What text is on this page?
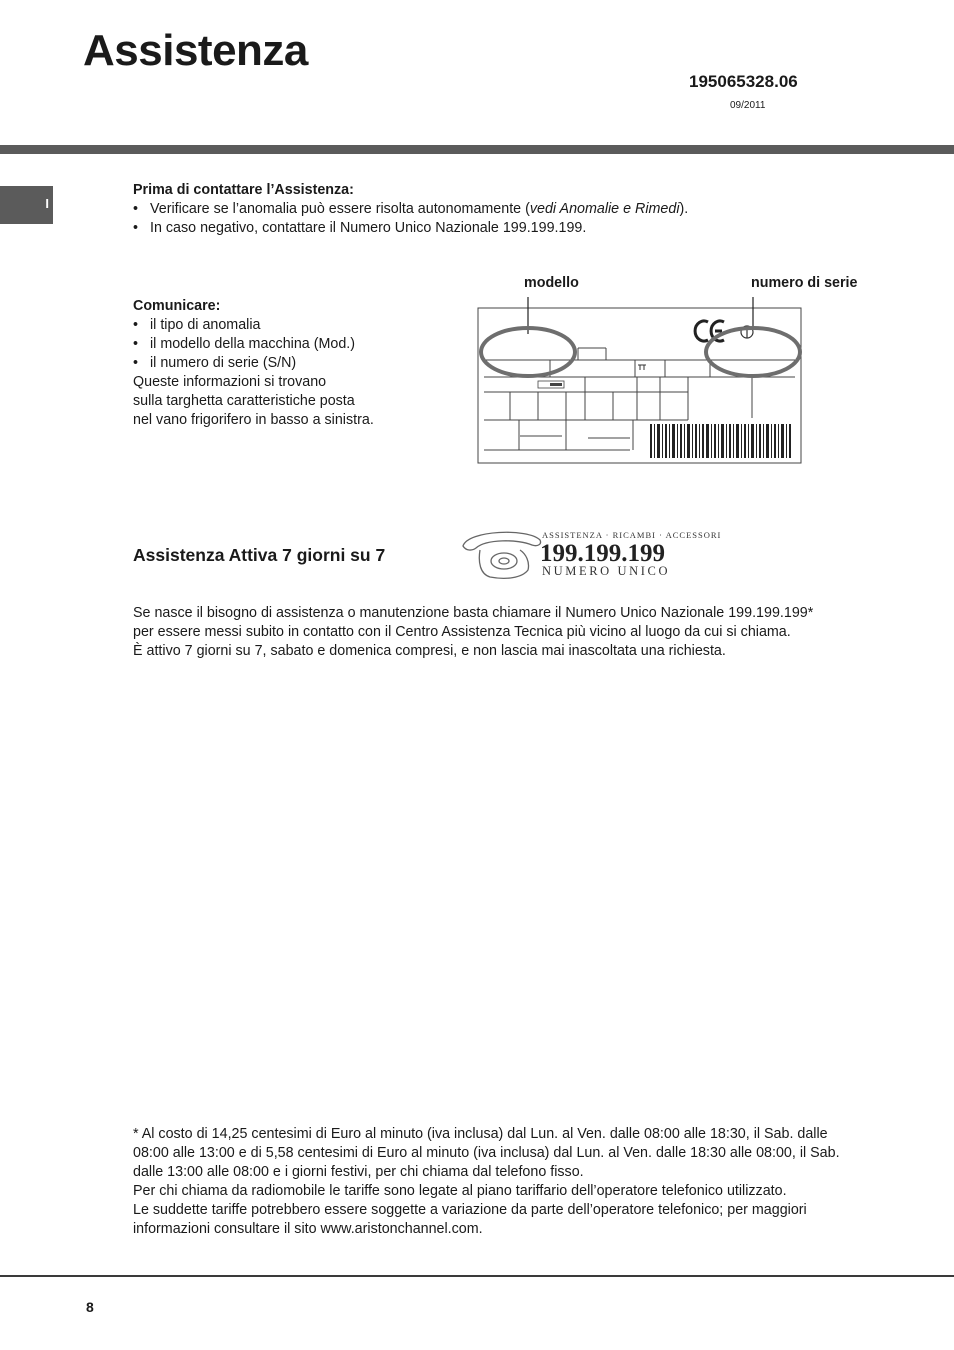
Assistenza
195065328.06
09/2011
I
Prima di contattare l’Assistenza:
• Verificare se l’anomalia può essere risolta autonomamente (vedi Anomalie e Rimedi).
• In caso negativo, contattare il Numero Unico Nazionale 199.199.199.
Comunicare:
• il tipo di anomalia
• il modello della macchina (Mod.)
• il numero di serie (S/N)
Queste informazioni si trovano
sulla targhetta caratteristiche posta
nel vano frigorifero in basso a sinistra.
modello	numero di serie
Assistenza Attiva 7 giorni su 7
ASSISTENZA · RICAMBI · ACCESSORI
199.199.199
NUMERO UNICO
Se nasce il bisogno di assistenza o manutenzione basta chiamare il Numero Unico Nazionale 199.199.199*
per essere messi subito in contatto con il Centro Assistenza Tecnica più vicino al luogo da cui si chiama.
È attivo 7 giorni su 7, sabato e domenica compresi, e non lascia mai inascoltata una richiesta.
* Al costo di 14,25 centesimi di Euro al minuto (iva inclusa) dal Lun. al Ven. dalle 08:00 alle 18:30, il Sab. dalle
08:00 alle 13:00 e di 5,58 centesimi di Euro al minuto (iva inclusa) dal Lun. al Ven. dalle 18:30 alle 08:00, il Sab.
dalle 13:00 alle 08:00 e i giorni festivi, per chi chiama dal telefono fisso.
Per chi chiama da radiomobile le tariffe sono legate al piano tariffario dell’operatore telefonico utilizzato.
Le suddette tariffe potrebbero essere soggette a variazione da parte dell’operatore telefonico; per maggiori
informazioni consultare il sito www.aristonchannel.com.
8
